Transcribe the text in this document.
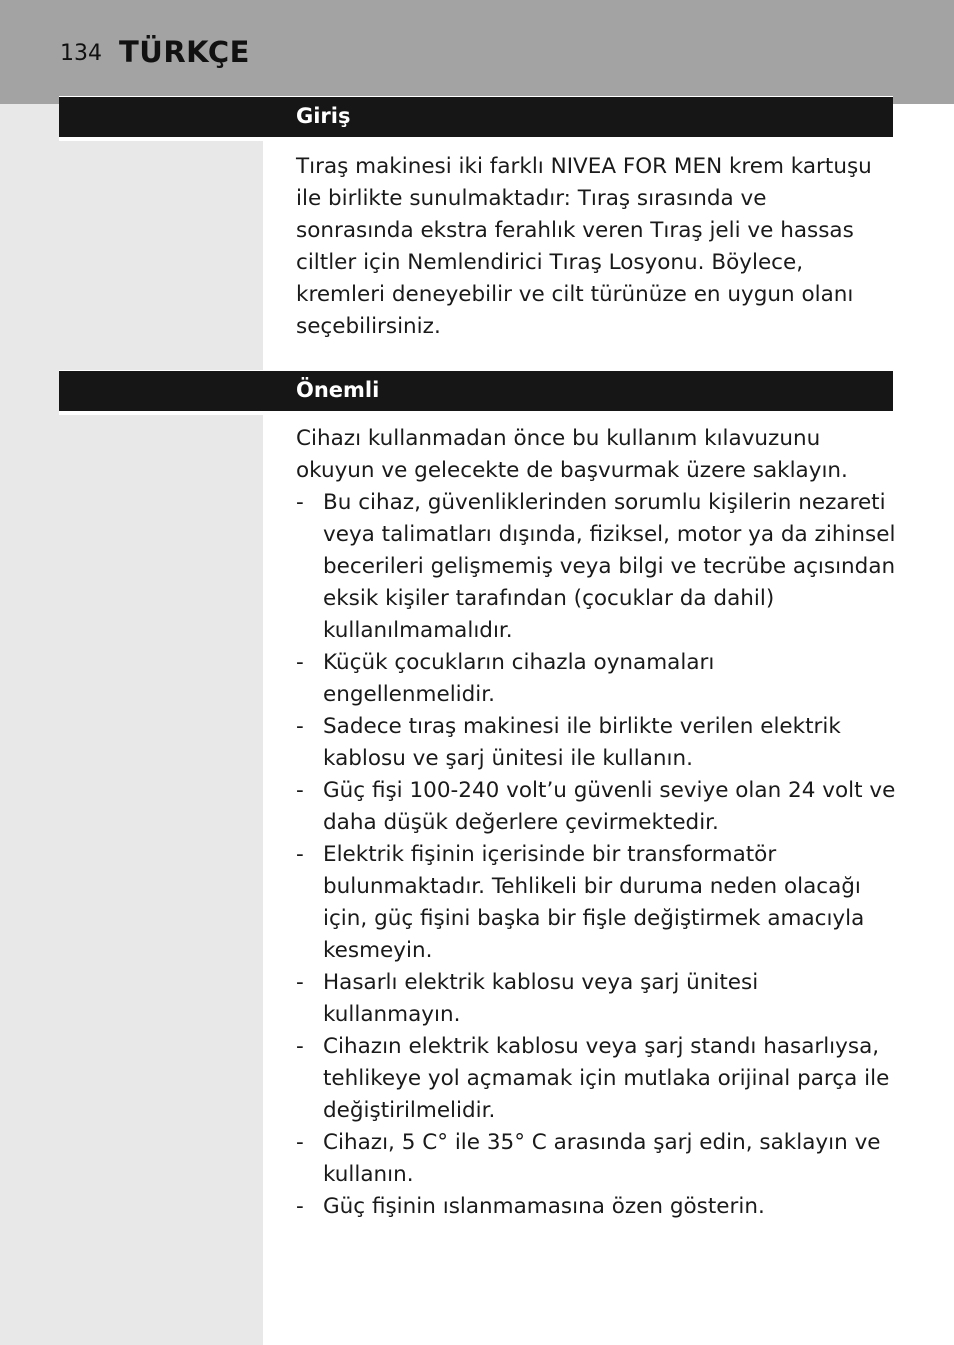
134 TÜRKÇE
Giriş
Tıraş makinesi iki farklı NIVEA FOR MEN krem kartuşu ile birlikte sunulmaktadır: Tıraş sırasında ve sonrasında ekstra ferahlık veren Tıraş jeli ve hassas ciltler için Nemlendirici Tıraş Losyonu. Böylece, kremleri deneyebilir ve cilt türünüze en uygun olanı seçebilirsiniz.
Önemli
Cihazı kullanmadan önce bu kullanım kılavuzunu okuyun ve gelecekte de başvurmak üzere saklayın.
- Bu cihaz, güvenliklerinden sorumlu kişilerin nezareti veya talimatları dışında, fiziksel, motor ya da zihinsel becerileri gelişmemiş veya bilgi ve tecrübe açısından eksik kişiler tarafından (çocuklar da dahil) kullanılmamalıdır.
- Küçük çocukların cihazla oynamaları engellenmelidir.
- Sadece tıraş makinesi ile birlikte verilen elektrik kablosu ve şarj ünitesi ile kullanın.
- Güç fişi 100-240 volt’u güvenli seviye olan 24 volt ve daha düşük değerlere çevirmektedir.
- Elektrik fişinin içerisinde bir transformatör bulunmaktadır. Tehlikeli bir duruma neden olacağı için, güç fişini başka bir fişle değiştirmek amacıyla kesmeyin.
- Hasarlı elektrik kablosu veya şarj ünitesi kullanmayın.
- Cihazın elektrik kablosu veya şarj standı hasarlıysa, tehlikeye yol açmamak için mutlaka orijinal parça ile değiştirilmelidir.
- Cihazı, 5 C° ile 35° C arasında şarj edin, saklayın ve kullanın.
- Güç fişinin ıslanmamasına özen gösterin.
